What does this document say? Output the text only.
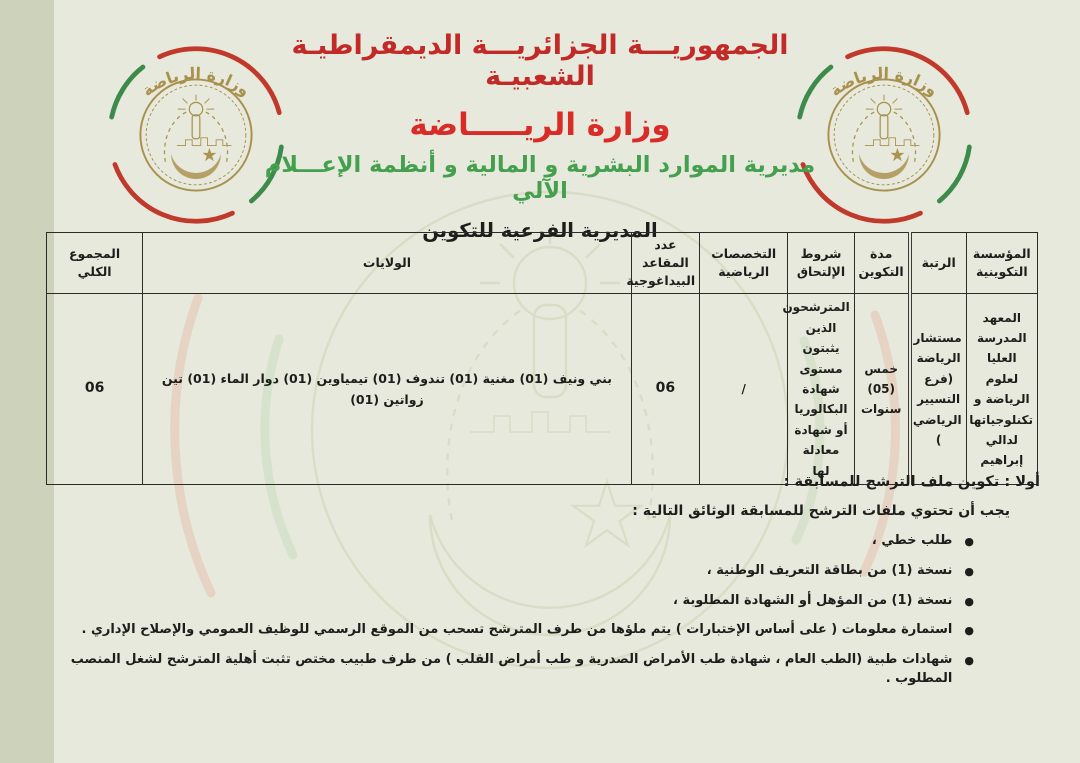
★
وزارة الرياضة
★
وزارة الرياضة
★
الجمهوريـــة الجزائريـــة الديمقراطيـة الشعبيـة
وزارة الريـــــاضة
مديرية الموارد البشرية و المالية و أنظمة الإعـــلام الآلي
المديرية الفرعية للتكوين
المؤسسة التكوينية	الرتبة	مدة التكوين	شروط الإلتحاق	التخصصات الرياضية	عدد المقاعد البيداغوجية	الولايات	المجموع الكلي
المعهد المدرسة العليا لعلوم الرياضة و تكنلوجياتها لدالي إبراهيم	مستشار الرياضة (فرع التسيير الرياضي )	خمس (05) سنوات	المترشحون الذين يثبتون مستوى شهادة البكالوريا أو شهادة معادلة لها	/	06	بني ونيف (01) مغنية (01) تندوف (01) تيمياوين (01) دوار الماء (01) تين زواتين (01)	06
أولا : تكوين ملف الترشح للمسابقة :
يجب أن تحتوي ملفات الترشح للمسابقة الوثائق التالية :
●
طلب خطي ،
●
نسخة (1) من بطاقة التعريف الوطنية ،
●
نسخة (1) من المؤهل أو الشهادة المطلوبة ،
●
استمارة معلومات ( على أساس الإختبارات ) يتم ملؤها من طرف المترشح تسحب من الموقع الرسمي للوظيف العمومي والإصلاح الإداري .
●
شهادات طبية (الطب العام ، شهادة طب الأمراض الصدرية و طب أمراض القلب ) من طرف طبيب مختص تثبت أهلية المترشح لشغل المنصب المطلوب .
